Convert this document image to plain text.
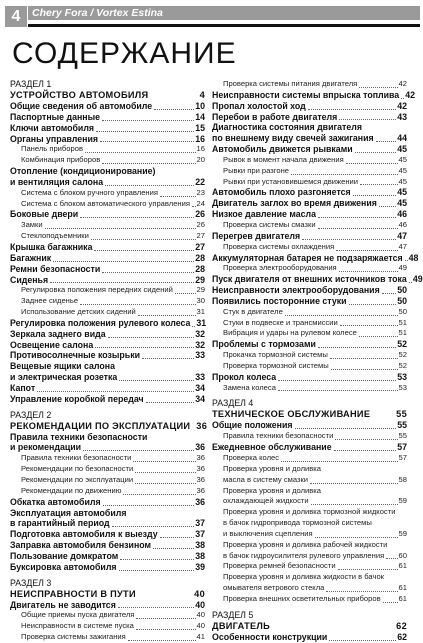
4	Chery Fora / Vortex Estina
СОДЕРЖАНИЕ
РАЗДЕЛ 1
УСТРОЙСТВО АВТОМОБИЛЯ	4
Общие сведения об автомобиле	10
Паспортные данные	14
Ключи автомобиля	15
Органы управления	16
Панель приборов	16
Комбинация приборов	20
Отопление (кондиционирование)
и вентиляция салона	22
Система с блоком ручного управления	23
Система с блоком автоматического управления 24
Боковые двери	26
Замки	26
Стеклоподъемники	27
Крышка багажника	27
Багажник	28
Ремни безопасности	28
Сиденья	29
Регулировка положения передних сидений	29
Заднее сиденье	30
Использование детских сидений	31
Регулировка положения рулевого колеса 31
Зеркала заднего вида	32
Освещение салона	32
Противосолнечные козырьки	33
Вещевые ящики салона
и электрическая розетка	33
Капот	34
Управление коробкой передач	34
РАЗДЕЛ 2
РЕКОМЕНДАЦИИ ПО ЭКСПЛУАТАЦИИ 36
Правила техники безопасности
и рекомендации	36
Правила техники безопасности	36
Рекомендации по безопасности	36
Рекомендации по эксплуатации	36
Рекомендации по движению	36
Обкатка автомобиля	36
Эксплуатация автомобиля
в гарантийный период	37
Подготовка автомобиля к выезду	37
Заправка автомобиля бензином	38
Пользование домкратом	38
Буксировка автомобиля	39
РАЗДЕЛ 3
НЕИСПРАВНОСТИ В ПУТИ	40
Двигатель не заводится	40
Общие приемы пуска двигателя	40
Неисправности в системе пуска	40
Проверка системы зажигания	41
Проверка системы питания двигателя	42
Неисправности системы впрыска топлива 42
Пропал холостой ход	42
Перебои в работе двигателя	43
Диагностика состояния двигателя
по внешнему виду свечей зажигания	44
Автомобиль движется рывками	45
Рывок в момент начала движения	45
Рывки при разгоне	45
Рывки при установившемся движении	45
Автомобиль плохо разгоняется	45
Двигатель заглох во время движения 45
Низкое давление масла	46
Проверка системы смазки	46
Перегрев двигателя	47
Проверка системы охлаждения	47
Аккумуляторная батарея не подзаряжается 48
Проверка электрооборудования	49
Пуск двигателя от внешних источников тока 49
Неисправности электрооборудования 50
Появились посторонние стуки	50
Стук в двигателе	50
Стуки в подвеске и трансмиссии	51
Вибрация и удары на рулевом колесе	51
Проблемы с тормозами	52
Прокачка тормозной системы	52
Проверка тормозной системы	52
Прокол колеса	53
Замена колеса	53
РАЗДЕЛ 4
ТЕХНИЧЕСКОЕ ОБСЛУЖИВАНИЕ	55
Общие положения	55
Правила техники безопасности	55
Ежедневное обслуживание	57
Проверка колес	57
Проверка уровня и доливка
масла в систему смазки	58
Проверка уровня и доливка
охлаждающей жидкости	59
Проверка уровня и доливка тормозной жидкости
в бачок гидропривода тормозной системы
и выключения сцепления	59
Проверка уровня и доливка рабочей жидкости
в бачок гидроусилителя рулевого управления 60
Проверка ремней безопасности	61
Проверка уровня и доливка жидкости в бачок
омывателя ветрового стекла	61
Проверка внешних осветительных приборов 61
РАЗДЕЛ 5
ДВИГАТЕЛЬ	62
Особенности конструкции	62
